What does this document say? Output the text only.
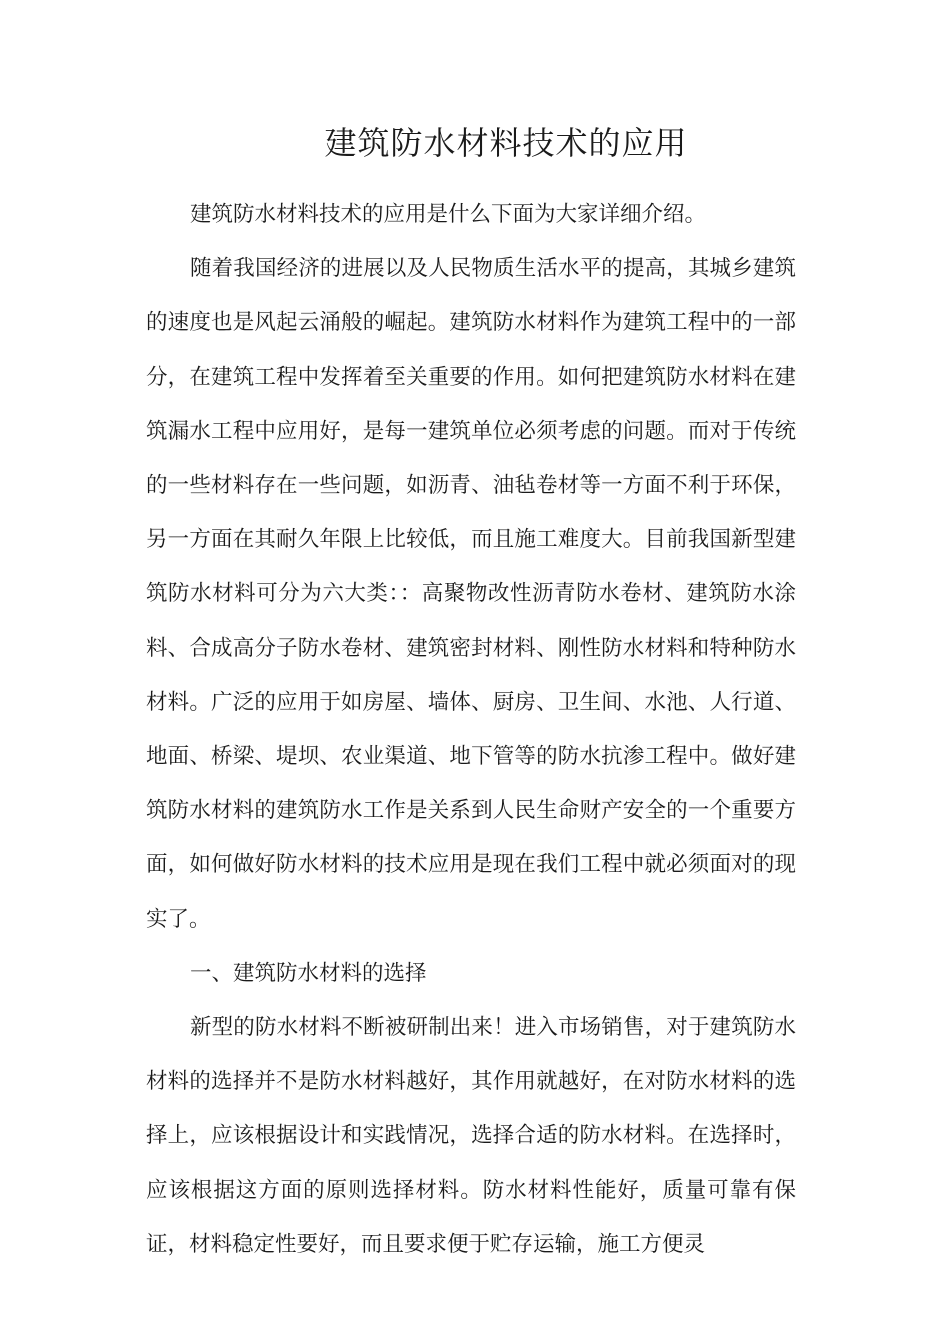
建筑防水材料技术的应用

建筑防水材料技术的应用是什么下面为大家详细介绍。

随着我国经济的进展以及人民物质生活水平的提高，其城乡建筑的速度也是风起云涌般的崛起。建筑防水材料作为建筑工程中的一部分，在建筑工程中发挥着至关重要的作用。如何把建筑防水材料在建筑漏水工程中应用好，是每一建筑单位必须考虑的问题。而对于传统的一些材料存在一些问题，如沥青、油毡卷材等一方面不利于环保，另一方面在其耐久年限上比较低，而且施工难度大。目前我国新型建筑防水材料可分为六大类：：高聚物改性沥青防水卷材、建筑防水涂料、合成高分子防水卷材、建筑密封材料、刚性防水材料和特种防水材料。广泛的应用于如房屋、墙体、厨房、卫生间、水池、人行道、地面、桥梁、堤坝、农业渠道、地下管等的防水抗渗工程中。做好建筑防水材料的建筑防水工作是关系到人民生命财产安全的一个重要方面，如何做好防水材料的技术应用是现在我们工程中就必须面对的现实了。

一、建筑防水材料的选择

新型的防水材料不断被研制出来！进入市场销售，对于建筑防水材料的选择并不是防水材料越好，其作用就越好，在对防水材料的选择上，应该根据设计和实践情况，选择合适的防水材料。在选择时，应该根据这方面的原则选择材料。防水材料性能好，质量可靠有保证，材料稳定性要好，而且要求便于贮存运输，施工方便灵
